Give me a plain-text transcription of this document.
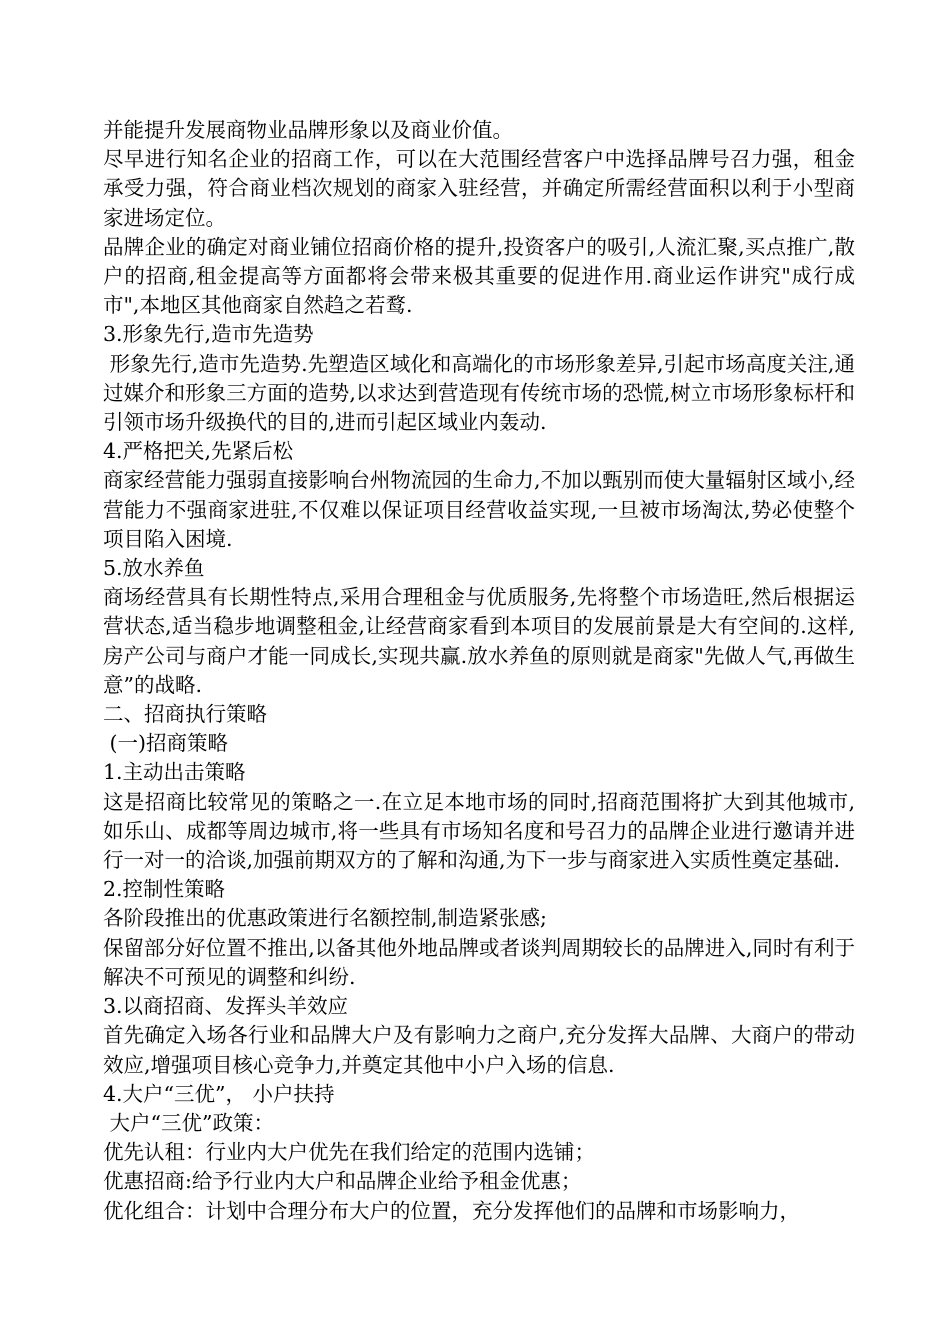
并能提升发展商物业品牌形象以及商业价值。

尽早进行知名企业的招商工作，可以在大范围经营客户中选择品牌号召力强，租金承受力强，符合商业档次规划的商家入驻经营，并确定所需经营面积以利于小型商家进场定位。

品牌企业的确定对商业铺位招商价格的提升,投资客户的吸引,人流汇聚,买点推广,散户的招商,租金提高等方面都将会带来极其重要的促进作用.商业运作讲究"成行成市",本地区其他商家自然趋之若鹜.

3.形象先行,造市先造势

形象先行,造市先造势.先塑造区域化和高端化的市场形象差异,引起市场高度关注,通过媒介和形象三方面的造势,以求达到营造现有传统市场的恐慌,树立市场形象标杆和引领市场升级换代的目的,进而引起区域业内轰动.

4.严格把关,先紧后松

商家经营能力强弱直接影响台州物流园的生命力,不加以甄别而使大量辐射区域小,经营能力不强商家进驻,不仅难以保证项目经营收益实现,一旦被市场淘汰,势必使整个项目陷入困境.

5.放水养鱼

商场经营具有长期性特点,采用合理租金与优质服务,先将整个市场造旺,然后根据运营状态,适当稳步地调整租金,让经营商家看到本项目的发展前景是大有空间的.这样,房产公司与商户才能一同成长,实现共赢.放水养鱼的原则就是商家"先做人气,再做生意”的战略.

二、招商执行策略

(一)招商策略

1.主动出击策略

这是招商比较常见的策略之一.在立足本地市场的同时,招商范围将扩大到其他城市,如乐山、成都等周边城市,将一些具有市场知名度和号召力的品牌企业进行邀请并进行一对一的洽谈,加强前期双方的了解和沟通,为下一步与商家进入实质性奠定基础.

2.控制性策略

各阶段推出的优惠政策进行名额控制,制造紧张感;

保留部分好位置不推出,以备其他外地品牌或者谈判周期较长的品牌进入,同时有利于解决不可预见的调整和纠纷.

3.以商招商、发挥头羊效应

首先确定入场各行业和品牌大户及有影响力之商户,充分发挥大品牌、大商户的带动效应,增强项目核心竞争力,并奠定其他中小户入场的信息.

4.大户“三优”， 小户扶持

大户“三优”政策：

优先认租：行业内大户优先在我们给定的范围内选铺；

优惠招商:给予行业内大户和品牌企业给予租金优惠；

优化组合：计划中合理分布大户的位置，充分发挥他们的品牌和市场影响力，
